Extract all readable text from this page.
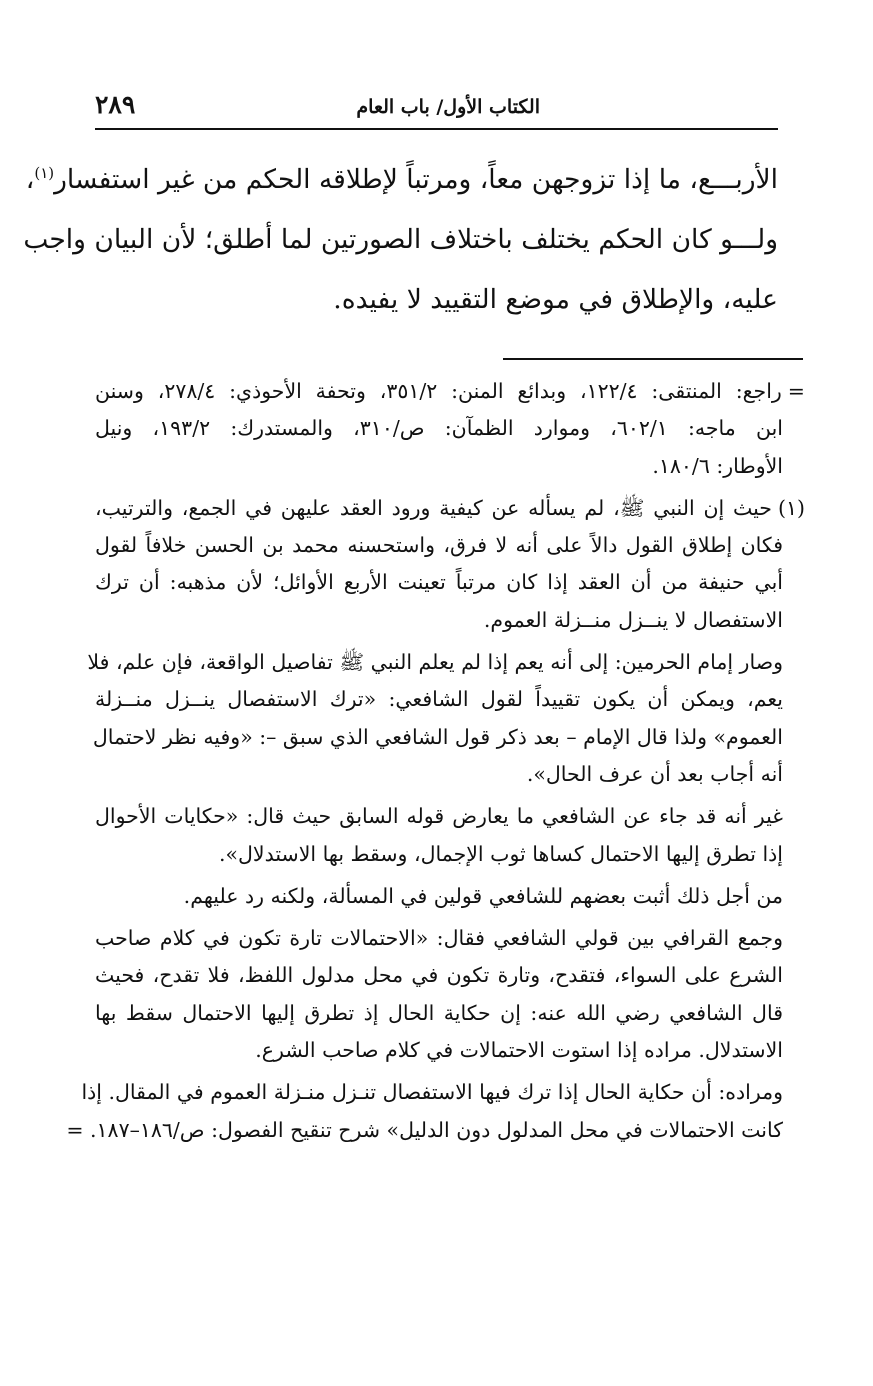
الكتاب الأول/ باب العام
٢٨٩
الأربـــع، ما إذا تزوجهن معاً، ومرتباً لإطلاقه الحكم من غير استفسار$^{(١)}$،
ولـــو كان الحكم يختلف باختلاف الصورتين لما أطلق؛ لأن البيان واجب
عليه، والإطلاق في موضع التقييد لا يفيده.
=راجع: المنتقى: ١٢٢/٤، وبدائع المنن: ٣٥١/٢، وتحفة الأحوذي: ٢٧٨/٤، وسنن
ابن ماجه: ٦٠٢/١، وموارد الظمآن: ص/٣١٠، والمستدرك: ١٩٣/٢، ونيل
الأوطار: ١٨٠/٦.
(١)حيث إن النبي ﷺ، لم يسأله عن كيفية ورود العقد عليهن في الجمع، والترتيب،
فكان إطلاق القول دالاً على أنه لا فرق، واستحسنه محمد بن الحسن خلافاً لقول
أبي حنيفة من أن العقد إذا كان مرتباً تعينت الأربع الأوائل؛ لأن مذهبه: أن ترك
الاستفصال لا ينــزل منــزلة العموم.
وصار إمام الحرمين: إلى أنه يعم إذا لم يعلم النبي ﷺ تفاصيل الواقعة، فإن علم، فلا
يعم، ويمكن أن يكون تقييداً لقول الشافعي: «ترك الاستفصال ينــزل منــزلة
العموم» ولذا قال الإمام – بعد ذكر قول الشافعي الذي سبق –: «وفيه نظر لاحتمال
أنه أجاب بعد أن عرف الحال».
غير أنه قد جاء عن الشافعي ما يعارض قوله السابق حيث قال: «حكايات الأحوال
إذا تطرق إليها الاحتمال كساها ثوب الإجمال، وسقط بها الاستدلال».
من أجل ذلك أثبت بعضهم للشافعي قولين في المسألة، ولكنه رد عليهم.
وجمع القرافي بين قولي الشافعي فقال: «الاحتمالات تارة تكون في كلام صاحب
الشرع على السواء، فتقدح، وتارة تكون في محل مدلول اللفظ، فلا تقدح، فحيث
قال الشافعي رضي الله عنه: إن حكاية الحال إذ تطرق إليها الاحتمال سقط بها
الاستدلال. مراده إذا استوت الاحتمالات في كلام صاحب الشرع.
ومراده: أن حكاية الحال إذا ترك فيها الاستفصال تنـزل منـزلة العموم في المقال. إذا
كانت الاحتمالات في محل المدلول دون الدليل» شرح تنقيح الفصول: ص/١٨٦–١٨٧. =
